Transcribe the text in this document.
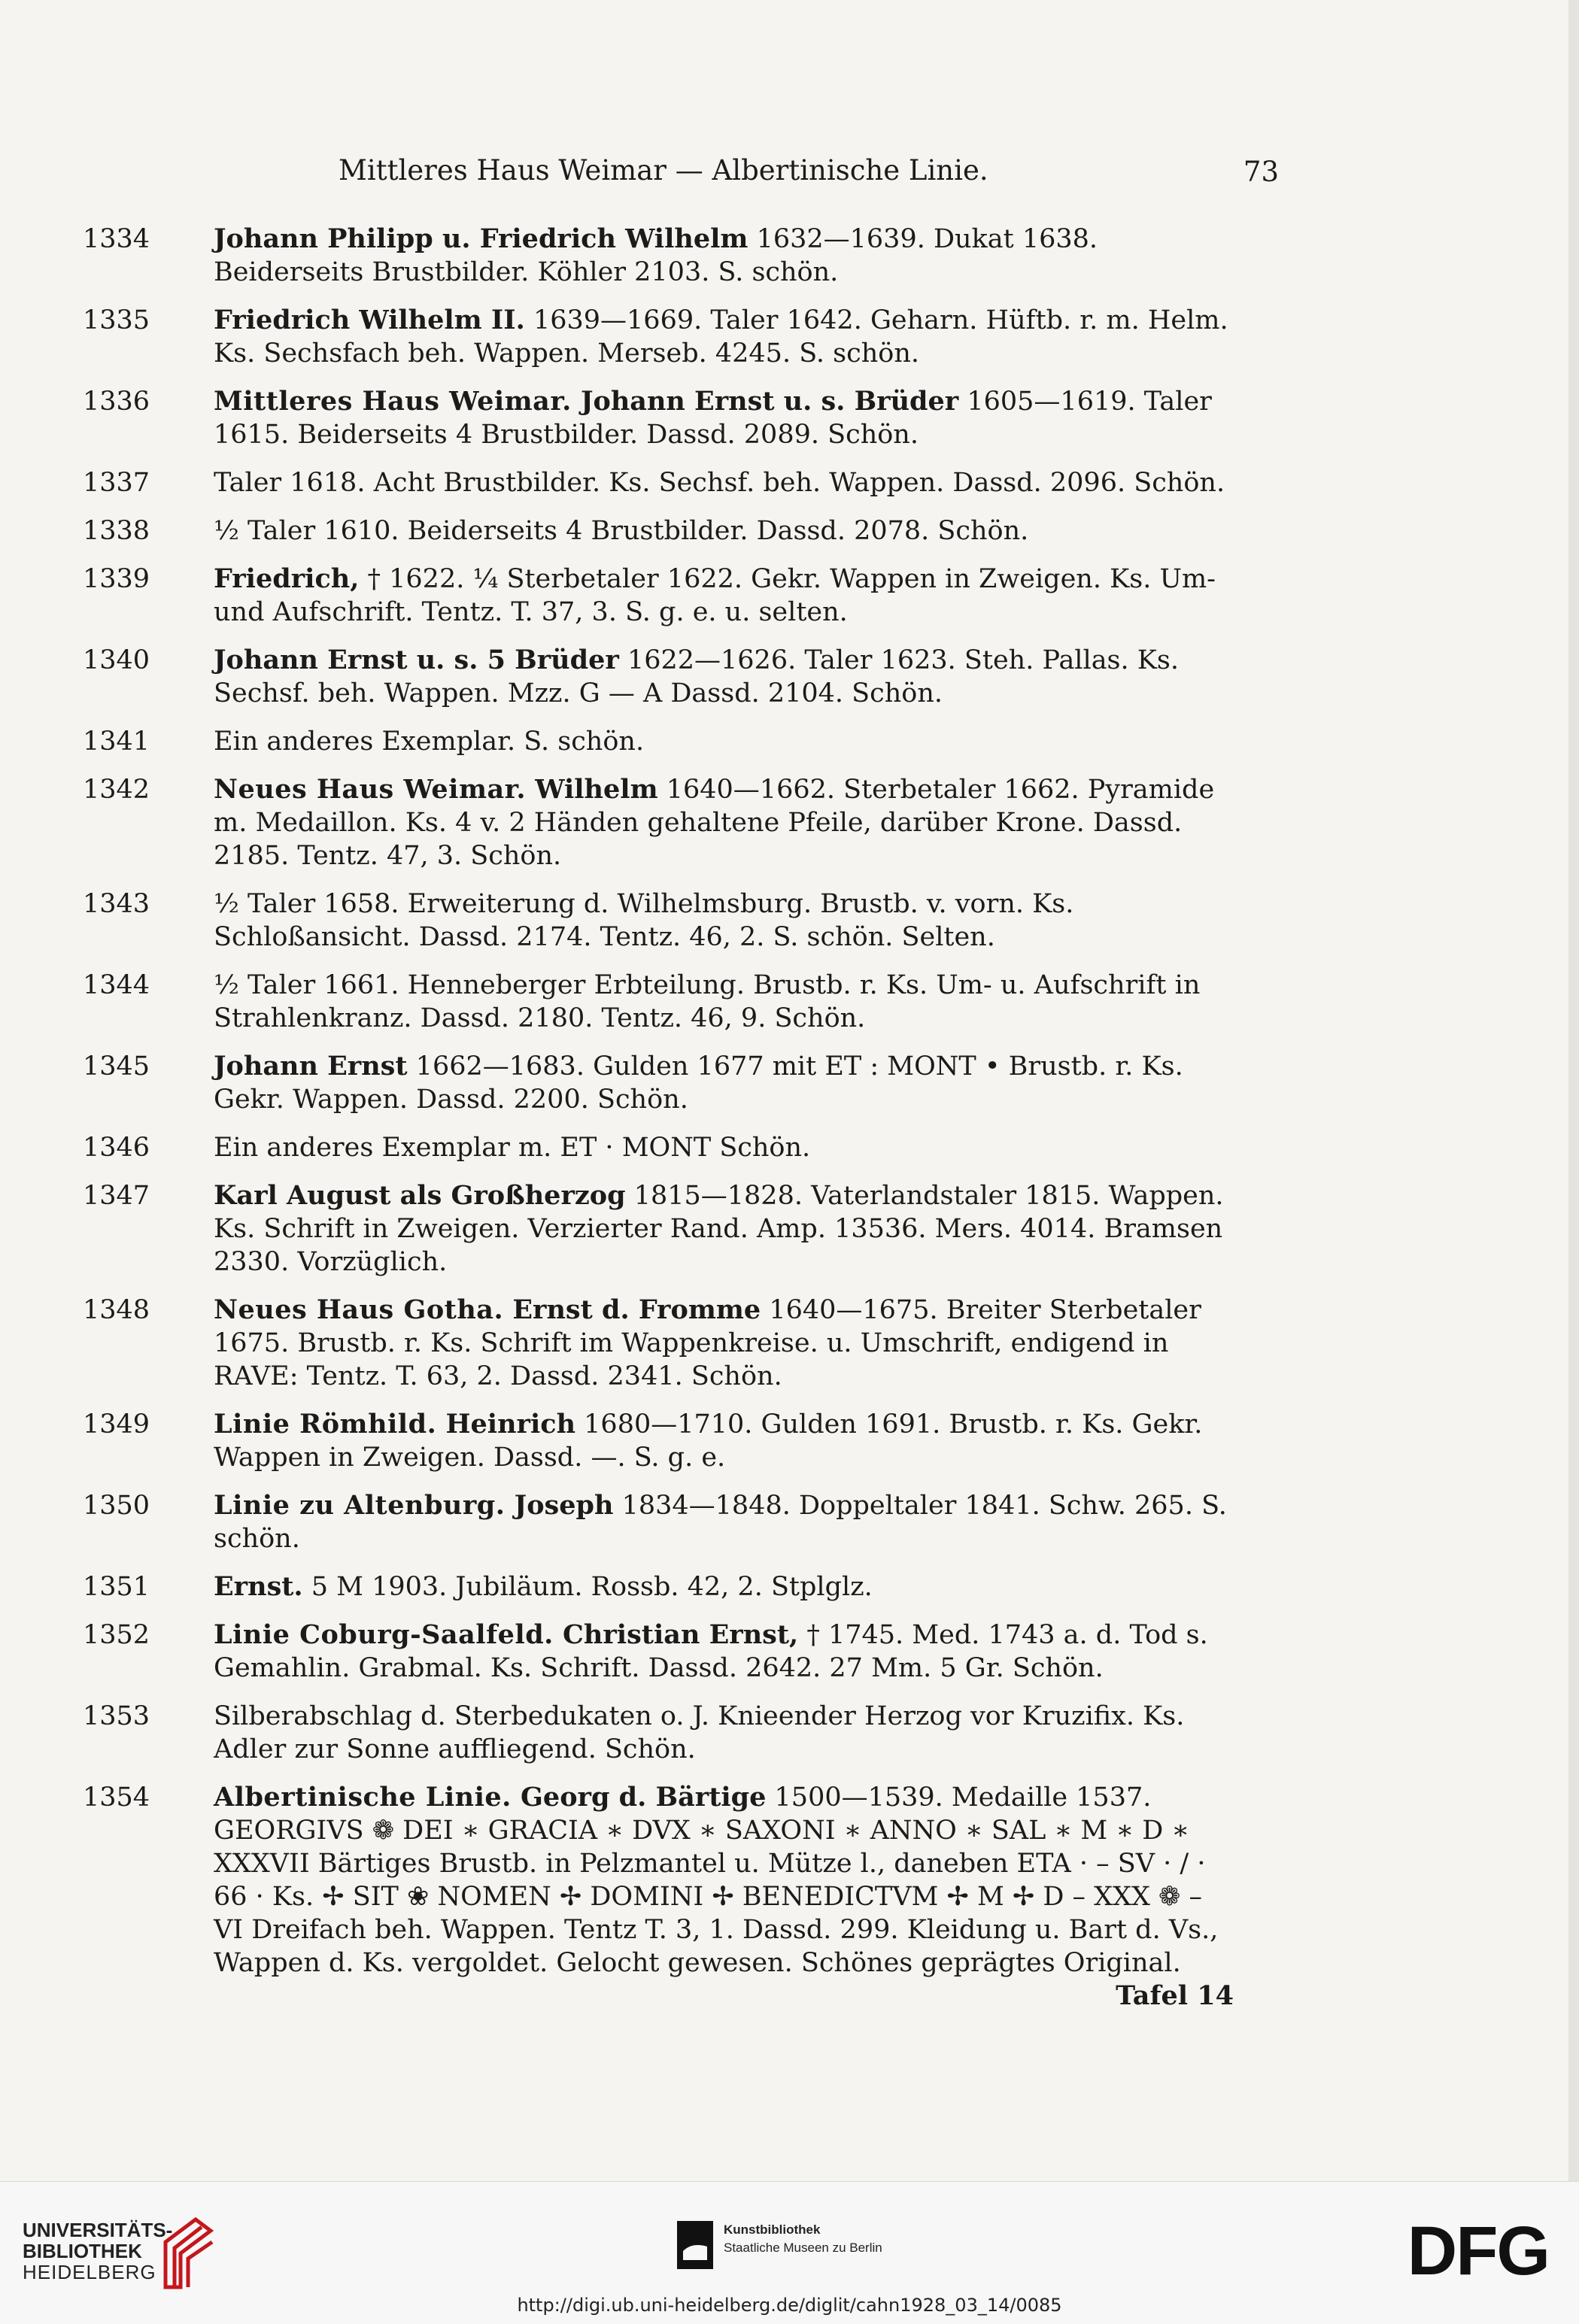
Mittleres Haus Weimar — Albertinische Linie.	73
1334	Johann Philipp u. Friedrich Wilhelm 1632—1639. Dukat 1638. Beiderseits Brustbilder. Köhler 2103. S. schön.
1335	Friedrich Wilhelm II. 1639—1669. Taler 1642. Geharn. Hüftb. r. m. Helm. Ks. Sechsfach beh. Wappen. Merseb. 4245. S. schön.
1336	Mittleres Haus Weimar. Johann Ernst u. s. Brüder 1605—1619. Taler 1615. Beiderseits 4 Brustbilder. Dassd. 2089. Schön.
1337	Taler 1618. Acht Brustbilder. Ks. Sechsf. beh. Wappen. Dassd. 2096. Schön.
1338	½ Taler 1610. Beiderseits 4 Brustbilder. Dassd. 2078. Schön.
1339	Friedrich, † 1622. ¼ Sterbetaler 1622. Gekr. Wappen in Zweigen. Ks. Um- und Aufschrift. Tentz. T. 37, 3. S. g. e. u. selten.
1340	Johann Ernst u. s. 5 Brüder 1622—1626. Taler 1623. Steh. Pallas. Ks. Sechsf. beh. Wappen. Mzz. G — A Dassd. 2104. Schön.
1341	Ein anderes Exemplar. S. schön.
1342	Neues Haus Weimar. Wilhelm 1640—1662. Sterbetaler 1662. Pyramide m. Medaillon. Ks. 4 v. 2 Händen gehaltene Pfeile, darüber Krone. Dassd. 2185. Tentz. 47, 3. Schön.
1343	½ Taler 1658. Erweiterung d. Wilhelmsburg. Brustb. v. vorn. Ks. Schloßansicht. Dassd. 2174. Tentz. 46, 2. S. schön. Selten.
1344	½ Taler 1661. Henneberger Erbteilung. Brustb. r. Ks. Um- u. Aufschrift in Strahlenkranz. Dassd. 2180. Tentz. 46, 9. Schön.
1345	Johann Ernst 1662—1683. Gulden 1677 mit ET : MONT • Brustb. r. Ks. Gekr. Wappen. Dassd. 2200. Schön.
1346	Ein anderes Exemplar m. ET · MONT Schön.
1347	Karl August als Großherzog 1815—1828. Vaterlandstaler 1815. Wappen. Ks. Schrift in Zweigen. Verzierter Rand. Amp. 13536. Mers. 4014. Bramsen 2330. Vorzüglich.
1348	Neues Haus Gotha. Ernst d. Fromme 1640—1675. Breiter Sterbetaler 1675. Brustb. r. Ks. Schrift im Wappenkreise. u. Umschrift, endigend in RAVE: Tentz. T. 63, 2. Dassd. 2341. Schön.
1349	Linie Römhild. Heinrich 1680—1710. Gulden 1691. Brustb. r. Ks. Gekr. Wappen in Zweigen. Dassd. —. S. g. e.
1350	Linie zu Altenburg. Joseph 1834—1848. Doppeltaler 1841. Schw. 265. S. schön.
1351	Ernst. 5 M 1903. Jubiläum. Rossb. 42, 2. Stplglz.
1352	Linie Coburg-Saalfeld. Christian Ernst, † 1745. Med. 1743 a. d. Tod s. Gemahlin. Grabmal. Ks. Schrift. Dassd. 2642. 27 Mm. 5 Gr. Schön.
1353	Silberabschlag d. Sterbedukaten o. J. Knieender Herzog vor Kruzifix. Ks. Adler zur Sonne auffliegend. Schön.
1354	Albertinische Linie. Georg d. Bärtige 1500—1539. Medaille 1537. GEORGIVS ❁ DEI ∗ GRACIA ∗ DVX ∗ SAXONI ∗ ANNO ∗ SAL ∗ M ∗ D ∗ XXXVII Bärtiges Brustb. in Pelzmantel u. Mütze l., daneben ETA · – SV · / · 66 · Ks. ✢ SIT ❀ NOMEN ✢ DOMINI ✢ BENEDICTVM ✢ M ✢ D – XXX ❁ – VI Dreifach beh. Wappen. Tentz T. 3, 1. Dassd. 299. Kleidung u. Bart d. Vs., Wappen d. Ks. vergoldet. Gelocht gewesen. Schönes geprägtes Original.
Tafel 14
UNIVERSITÄTS-
BIBLIOTHEK
HEIDELBERG
Kunstbibliothek
Staatliche Museen zu Berlin	DFG
http://digi.ub.uni-heidelberg.de/diglit/cahn1928_03_14/0085
